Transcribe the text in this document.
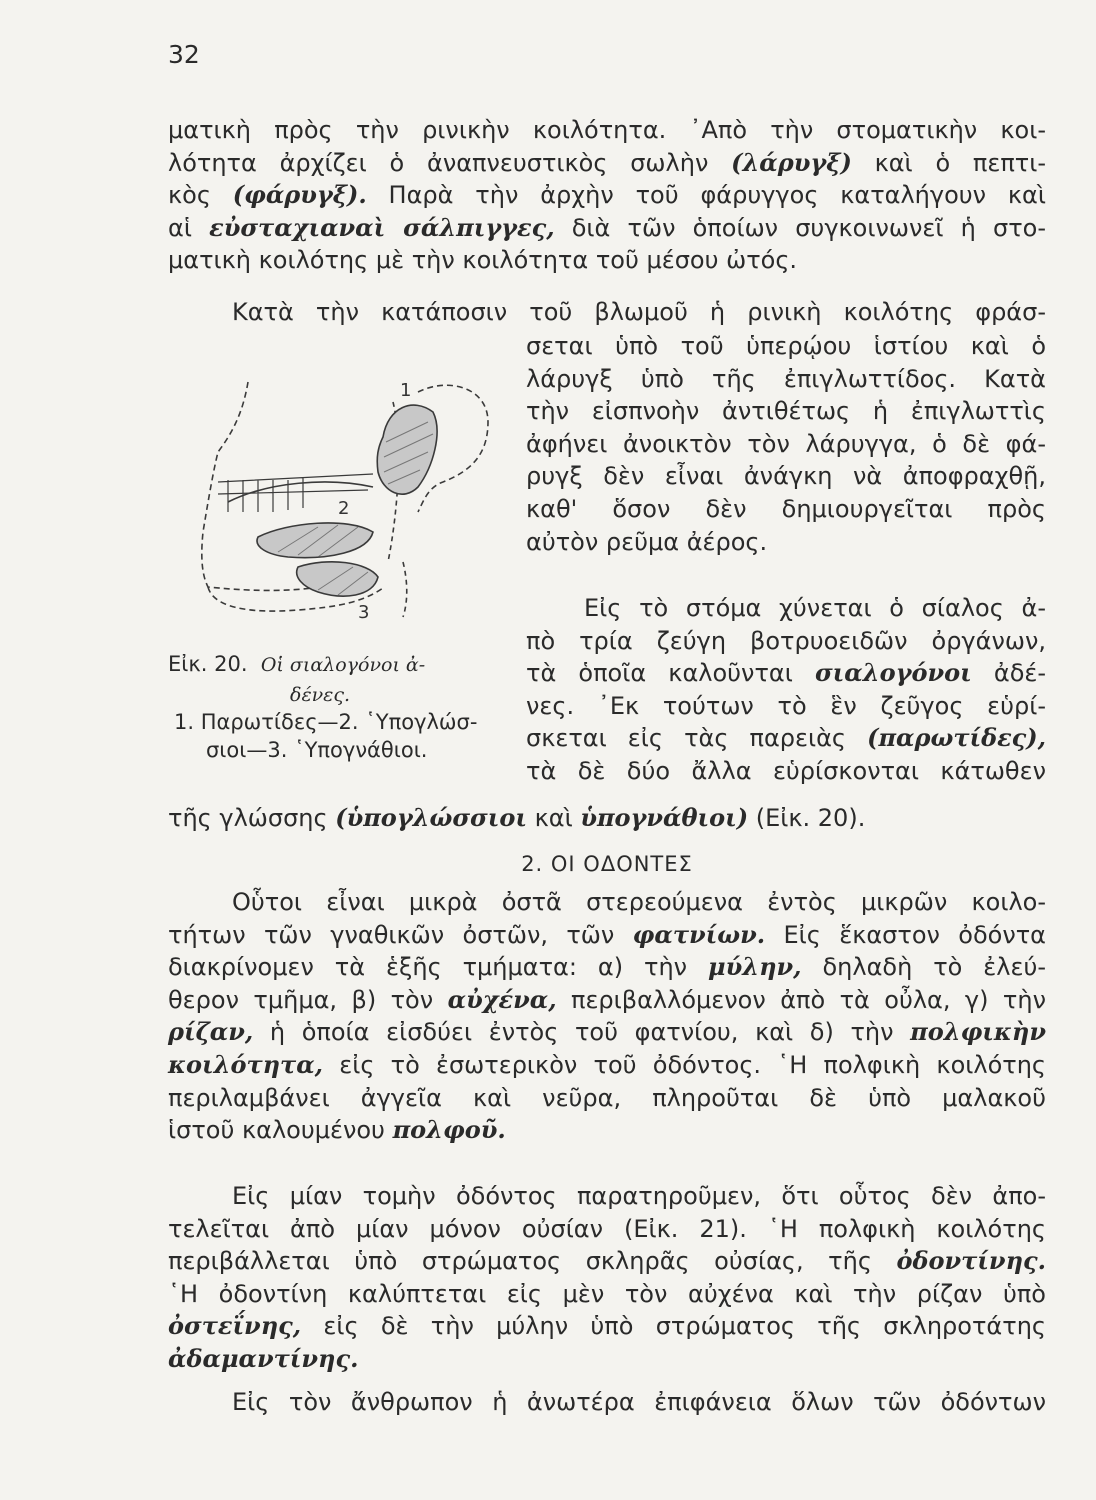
32
ματικὴ πρὸς τὴν ρινικὴν κοιλότητα. ᾿Απὸ τὴν στοματικὴν κοι-
λότητα ἀρχίζει ὁ ἀναπνευστικὸς σωλὴν (λάρυγξ) καὶ ὁ πεπτι-
κὸς (φάρυγξ). Παρὰ τὴν ἀρχὴν τοῦ φάρυγγος καταλήγουν καὶ
αἱ εὐσταχιαναὶ σάλπιγγες, διὰ τῶν ὁποίων συγκοινωνεῖ ἡ στο-
ματικὴ κοιλότης μὲ τὴν κοιλότητα τοῦ μέσου ὠτός.
Κατὰ τὴν κατάποσιν τοῦ βλωμοῦ ἡ ρινικὴ κοιλότης φράσ-
σεται ὑπὸ τοῦ ὑπερῴου ἱστίου καὶ ὁ
λάρυγξ ὑπὸ τῆς ἐπιγλωττίδος. Κατὰ
τὴν εἰσπνοὴν ἀντιθέτως ἡ ἐπιγλωττὶς
ἀφήνει ἀνοικτὸν τὸν λάρυγγα, ὁ δὲ φά-
ρυγξ δὲν εἶναι ἀνάγκη νὰ ἀποφραχθῇ,
καθ' ὅσον δὲν δημιουργεῖται πρὸς
αὐτὸν ρεῦμα ἀέρος.
Εἰς τὸ στόμα χύνεται ὁ σίαλος ἀ-
πὸ τρία ζεύγη βοτρυοειδῶν ὀργάνων,
τὰ ὁποῖα καλοῦνται σιαλογόνοι ἀδέ-
νες. ᾿Εκ τούτων τὸ ἓν ζεῦγος εὑρί-
σκεται εἰς τὰς παρειὰς (παρωτίδες),
τὰ δὲ δύο ἄλλα εὑρίσκονται κάτωθεν
τῆς γλώσσης (ὑπογλώσσιοι καὶ ὑπογνάθιοι) (Εἰκ. 20).
1
2
3
Εἰκ. 20. Οἱ σιαλογόνοι ἀ-
δένες.
1. Παρωτίδες—2. ῾Υπογλώσ-
σιοι—3. ῾Υπογνάθιοι.
2. ΟΙ ΟΔΟΝΤΕΣ
Οὗτοι εἶναι μικρὰ ὀστᾶ στερεούμενα ἐντὸς μικρῶν κοιλο-
τήτων τῶν γναθικῶν ὀστῶν, τῶν φατνίων. Εἰς ἕκαστον ὀδόντα
διακρίνομεν τὰ ἑξῆς τμήματα: α) τὴν μύλην, δηλαδὴ τὸ ἐλεύ-
θερον τμῆμα, β) τὸν αὐχένα, περιβαλλόμενον ἀπὸ τὰ οὖλα, γ) τὴν
ρίζαν, ἡ ὁποία εἰσδύει ἐντὸς τοῦ φατνίου, καὶ δ) τὴν πολφικὴν
κοιλότητα, εἰς τὸ ἐσωτερικὸν τοῦ ὀδόντος. ῾Η πολφικὴ κοιλότης
περιλαμβάνει ἀγγεῖα καὶ νεῦρα, πληροῦται δὲ ὑπὸ μαλακοῦ
ἱστοῦ καλουμένου πολφοῦ.
Εἰς μίαν τομὴν ὀδόντος παρατηροῦμεν, ὅτι οὗτος δὲν ἀπο-
τελεῖται ἀπὸ μίαν μόνον οὐσίαν (Εἰκ. 21). ῾Η πολφικὴ κοιλότης
περιβάλλεται ὑπὸ στρώματος σκληρᾶς οὐσίας, τῆς ὀδοντίνης.
῾Η ὀδοντίνη καλύπτεται εἰς μὲν τὸν αὐχένα καὶ τὴν ρίζαν ὑπὸ
ὀστεΐνης, εἰς δὲ τὴν μύλην ὑπὸ στρώματος τῆς σκληροτάτης
ἀδαμαντίνης.
Εἰς τὸν ἄνθρωπον ἡ ἀνωτέρα ἐπιφάνεια ὅλων τῶν ὀδόντων
